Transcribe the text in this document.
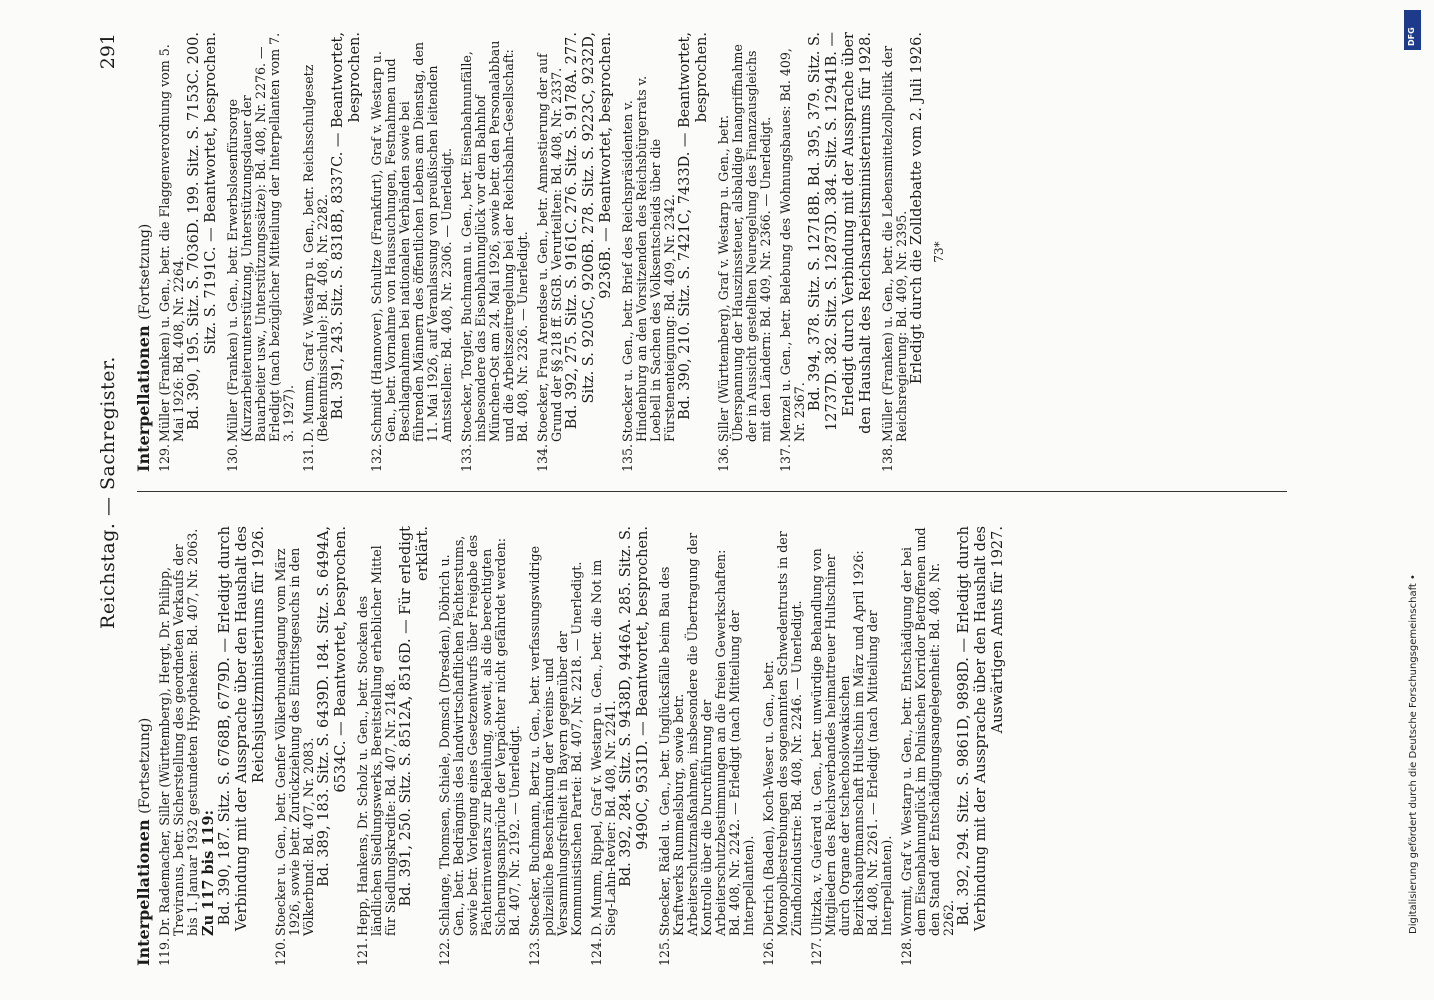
Reichstag. — Sachregister.
291
Interpellationen (Fortsetzung)
119.
Dr. Rademacher, Siller (Württemberg), Hergt, Dr. Philipp, Treviranus, betr. Sicherstellung des geordneten Verkaufs der bis 1. Januar 1932 gestundeten Hypotheken: Bd. 407, Nr. 2063. Zu 117 bis 119: Bd. 390, 187. Sitz. S. 6768B, 6779D. — Erledigt durch Verbindung mit der Aussprache über den Haushalt des Reichsjustizministeriums für 1926.
120.
Stoecker u. Gen., betr. Genfer Völkerbundstagung vom März 1926, sowie betr. Zurückziehung des Eintrittsgesuchs in den Völkerbund: Bd. 407, Nr. 2083. Bd. 389, 183. Sitz. S. 6439D. 184. Sitz. S. 6494A, 6534C. — Beantwortet, besprochen.
121.
Hepp, Hankens, Dr. Scholz u. Gen., betr. Stocken des ländlichen Siedlungswerks, Bereitstellung erheblicher Mittel für Siedlungskredite: Bd. 407, Nr. 2148. Bd. 391, 250. Sitz. S. 8512A, 8516D. — Für erledigt erklärt.
122.
Schlange, Thomsen, Schiele, Domsch (Dresden), Döbrich u. Gen., betr. Bedrängnis des landwirtschaftlichen Pächterstums, sowie betr. Vorlegung eines Gesetzentwurfs über Freigabe des Pächterinventars zur Beleihung, soweit, als die berechtigten Sicherungsansprüche der Verpächter nicht gefährdet werden: Bd. 407, Nr. 2192. — Unerledigt.
123.
Stoecker, Buchmann, Bertz u. Gen., betr. verfassungswidrige polizeiliche Beschränkung der Vereins- und Versammlungsfreiheit in Bayern gegenüber der Kommunistischen Partei: Bd. 407, Nr. 2218. — Unerledigt.
124.
D. Mumm, Rippel, Graf v. Westarp u. Gen., betr. die Not im Sieg-Lahn-Revier: Bd. 408, Nr. 2241. Bd. 392, 284. Sitz. S. 9438D, 9446A. 285. Sitz. S. 9490C, 9531D. — Beantwortet, besprochen.
125.
Stoecker, Rädel u. Gen., betr. Unglücksfälle beim Bau des Kraftwerks Rummelsburg, sowie betr. Arbeiterschutzmaßnahmen, insbesondere die Übertragung der Kontrolle über die Durchführung der Arbeiterschutzbestimmungen an die freien Gewerkschaften: Bd. 408, Nr. 2242. — Erledigt (nach Mitteilung der Interpellanten).
126.
Dietrich (Baden), Koch-Weser u. Gen., betr. Monopolbestrebungen des sogenannten Schwedentrusts in der Zündholzindustrie: Bd. 408, Nr. 2246. — Unerledigt.
127.
Ulitzka, v. Guérard u. Gen., betr. unwürdige Behandlung von Mitgliedern des Reichsverbandes heimattreuer Hultschiner durch Organe der tschechoslowakischen Bezirkshauptmannschaft Hultschin im März und April 1926: Bd. 408, Nr. 2261. — Erledigt (nach Mitteilung der Interpellanten).
128.
Wormit, Graf v. Westarp u. Gen., betr. Entschädigung der bei dem Eisenbahnunglück im Polnischen Korridor Betroffenen und den Stand der Entschädigungsangelegenheit: Bd. 408, Nr. 2262. Bd. 392, 294. Sitz. S. 9861D, 9898D. — Erledigt durch Verbindung mit der Aussprache über den Haushalt des Auswärtigen Amts für 1927.
Interpellationen (Fortsetzung)
129.
Müller (Franken) u. Gen., betr. die Flaggenverordnung vom 5. Mai 1926: Bd. 408, Nr. 2264. Bd. 390, 195. Sitz. S. 7036D. 199. Sitz. S. 7153C. 200. Sitz. S. 7191C. — Beantwortet, besprochen.
130.
Müller (Franken) u. Gen., betr. Erwerbslosenfürsorge (Kurzarbeiterunterstützung, Unterstützungsdauer der Bauarbeiter usw., Unterstützungssätze): Bd. 408, Nr. 2276. — Erledigt (nach bezüglicher Mitteilung der Interpellanten vom 7. 3. 1927).
131.
D. Mumm, Graf v. Westarp u. Gen., betr. Reichsschulgesetz (Bekenntnisschule): Bd. 408, Nr. 2282. Bd. 391, 243. Sitz. S. 8318B, 8337C. — Beantwortet, besprochen.
132.
Schmidt (Hannover), Schultze (Frankfurt), Graf v. Westarp u. Gen., betr. Vornahme von Haussuchungen, Festnahmen und Beschlagnahmen bei nationalen Verbänden sowie bei führenden Männern des öffentlichen Lebens am Dienstag, den 11. Mai 1926, auf Veranlassung von preußischen leitenden Amtsstellen: Bd. 408, Nr. 2306. — Unerledigt.
133.
Stoecker, Torgler, Buchmann u. Gen., betr. Eisenbahnunfälle, insbesondere das Eisenbahnunglück vor dem Bahnhof München-Ost am 24. Mai 1926, sowie betr. den Personalabbau und die Arbeitszeitregelung bei der Reichsbahn-Gesellschaft: Bd. 408, Nr. 2326. — Unerledigt.
134.
Stoecker, Frau Arendsee u. Gen., betr. Amnestierung der auf Grund der §§ 218 ff. StGB. Verurteilten: Bd. 408, Nr. 2337. Bd. 392, 275. Sitz. S. 9161C. 276. Sitz. S. 9178A. 277. Sitz. S. 9205C, 9206B. 278. Sitz. S. 9223C, 9232D, 9236B. — Beantwortet, besprochen.
135.
Stoecker u. Gen., betr. Brief des Reichspräsidenten v. Hindenburg an den Vorsitzenden des Reichsbürgerrats v. Loebell in Sachen des Volksentscheids über die Fürstenenteignung: Bd. 409, Nr. 2342. Bd. 390, 210. Sitz. S. 7421C, 7433D. — Beantwortet, besprochen.
136.
Siller (Württemberg), Graf v. Westarp u. Gen., betr. Überspannung der Hauszinssteuer, alsbaldige Inangriffnahme der in Aussicht gestellten Neuregelung des Finanzausgleichs mit den Ländern: Bd. 409, Nr. 2366. — Unerledigt.
137.
Menzel u. Gen., betr. Belebung des Wohnungsbaues: Bd. 409, Nr. 2367.
Bd. 394, 378. Sitz. S. 12718B. Bd. 395, 379. Sitz. S. 12737D. 382. Sitz. S. 12873D. 384. Sitz. S. 12941B. — Erledigt durch Verbindung mit der Aussprache über den Haushalt des Reichsarbeitsministeriums für 1928.
138.
Müller (Franken) u. Gen., betr. die Lebensmittelzollpolitik der Reichsregierung: Bd. 409, Nr. 2395. Erledigt durch die Zolldebatte vom 2. Juli 1926. 73*
DFG
Digitalisierung gefördert durch die Deutsche Forschungsgemeinschaft •
